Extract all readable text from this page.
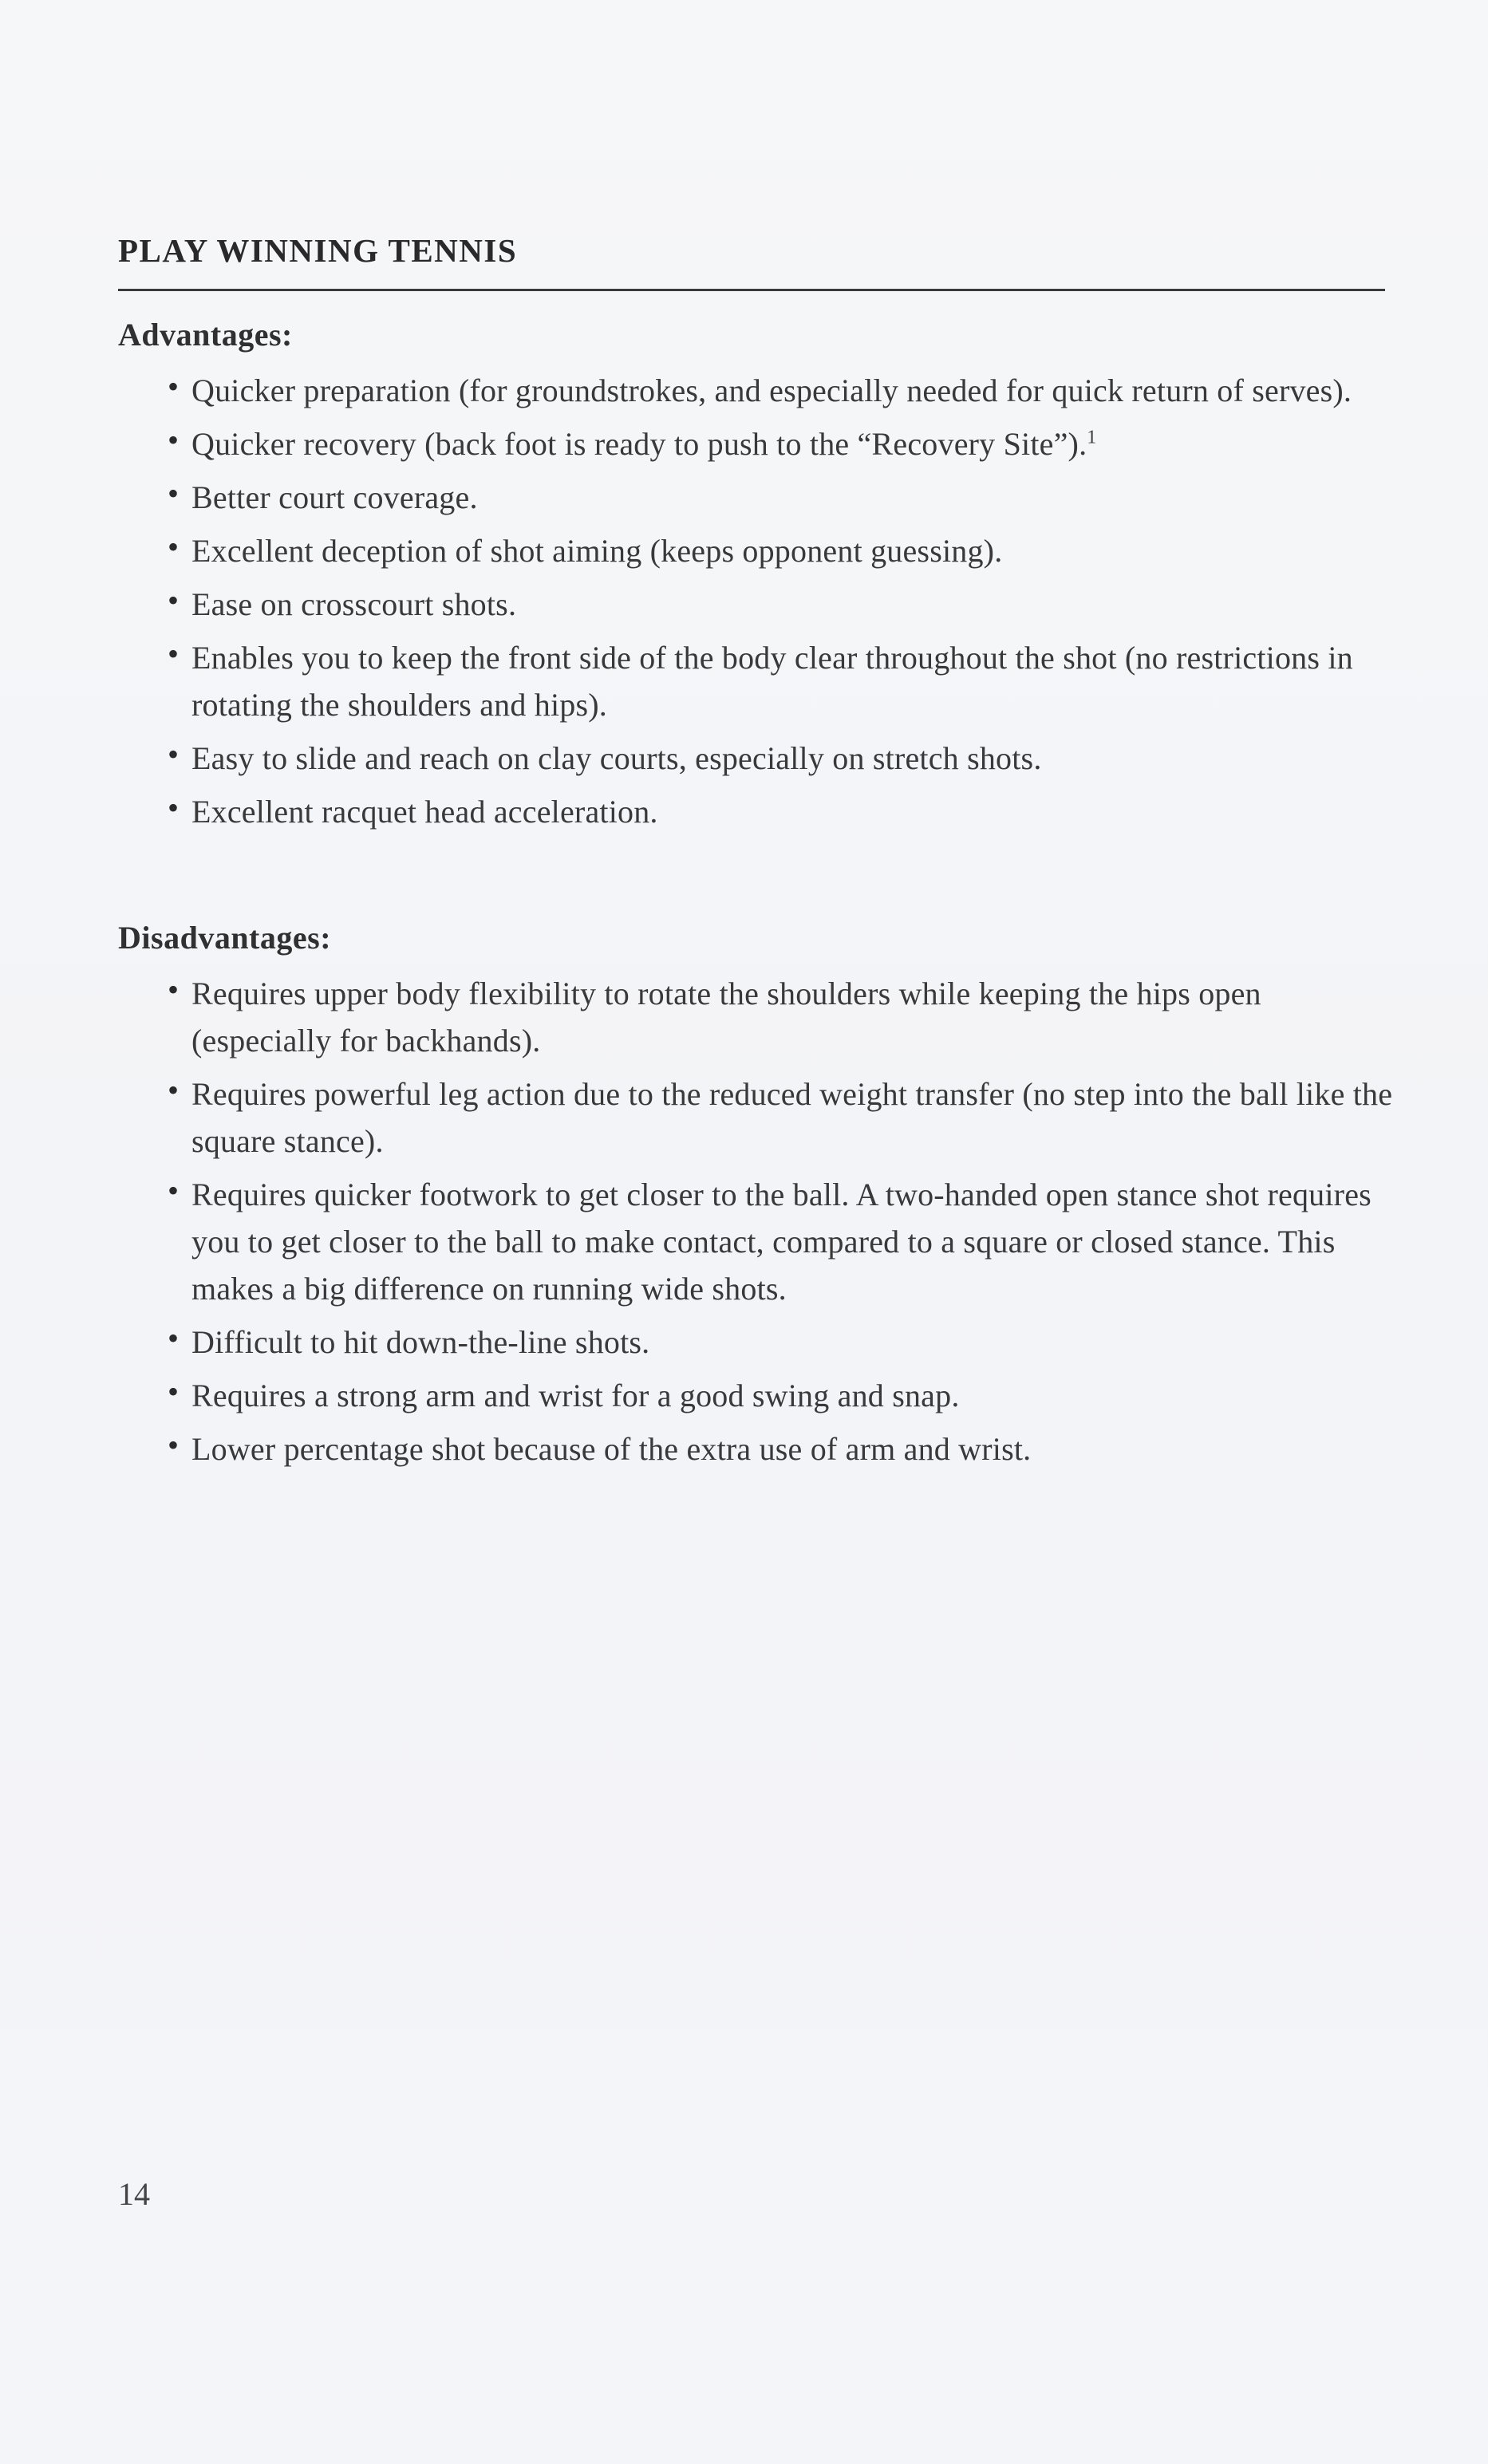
PLAY WINNING TENNIS
Advantages:
• Quicker preparation (for groundstrokes, and especially needed for quick return of serves).
• Quicker recovery (back foot is ready to push to the “Recovery Site”).$^1$
• Better court coverage.
• Excellent deception of shot aiming (keeps opponent guessing).
• Ease on crosscourt shots.
• Enables you to keep the front side of the body clear throughout the shot (no restrictions in rotating the shoulders and hips).
• Easy to slide and reach on clay courts, especially on stretch shots.
• Excellent racquet head acceleration.
Disadvantages:
• Requires upper body flexibility to rotate the shoulders while keeping the hips open (especially for backhands).
• Requires powerful leg action due to the reduced weight transfer (no step into the ball like the square stance).
• Requires quicker footwork to get closer to the ball. A two-handed open stance shot requires you to get closer to the ball to make contact, compared to a square or closed stance. This makes a big difference on running wide shots.
• Difficult to hit down-the-line shots.
• Requires a strong arm and wrist for a good swing and snap.
• Lower percentage shot because of the extra use of arm and wrist.
14
